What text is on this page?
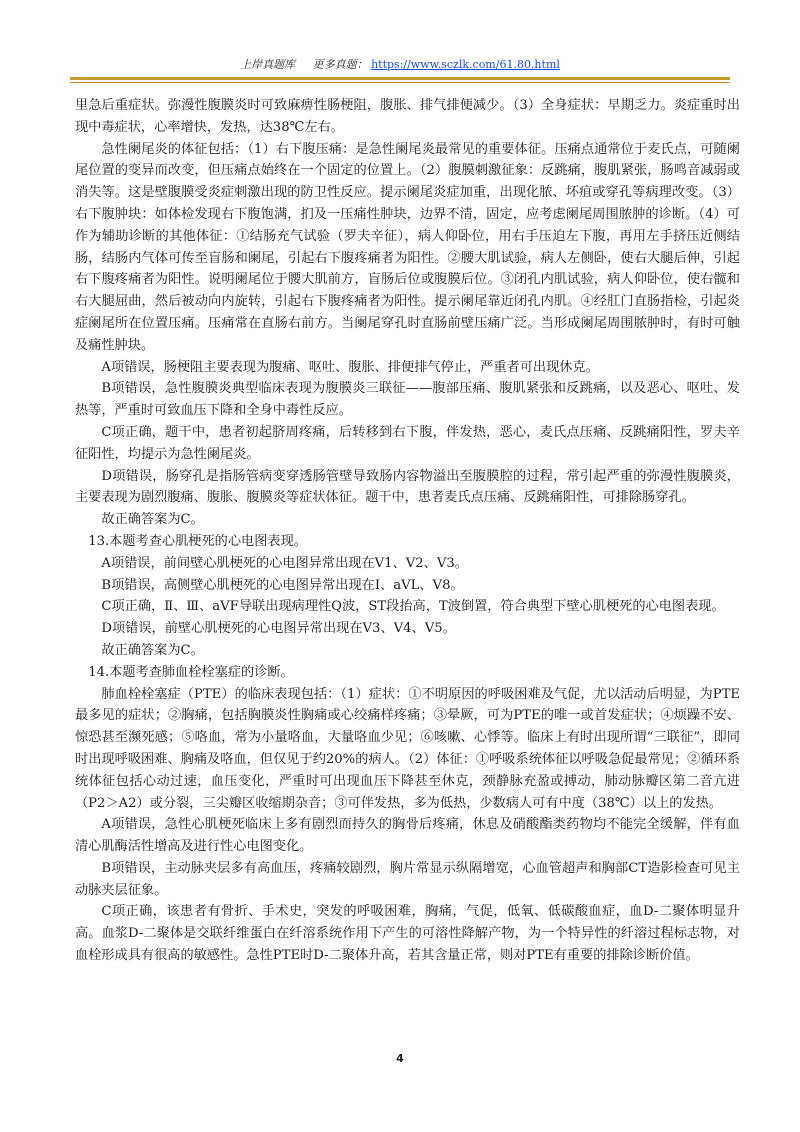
上岸真题库 更多真题： https://www.sczlk.com/61.80.html

里急后重症状。弥漫性腹膜炎时可致麻痹性肠梗阻，腹胀、排气排便减少。（3）全身症状：早期乏力。炎症重时出现中毒症状，心率增快，发热，达38℃左右。

急性阑尾炎的体征包括：（1）右下腹压痛：是急性阑尾炎最常见的重要体征。压痛点通常位于麦氏点，可随阑尾位置的变异而改变，但压痛点始终在一个固定的位置上。（2）腹膜刺激征象：反跳痛，腹肌紧张，肠鸣音减弱或消失等。这是壁腹膜受炎症刺激出现的防卫性反应。提示阑尾炎症加重，出现化脓、坏疽或穿孔等病理改变。（3）右下腹肿块：如体检发现右下腹饱满，扪及一压痛性肿块，边界不清，固定，应考虑阑尾周围脓肿的诊断。（4）可作为辅助诊断的其他体征：①结肠充气试验（罗夫辛征），病人仰卧位，用右手压迫左下腹，再用左手挤压近侧结肠，结肠内气体可传至盲肠和阑尾，引起右下腹疼痛者为阳性。②腰大肌试验，病人左侧卧，使右大腿后伸，引起右下腹疼痛者为阳性。说明阑尾位于腰大肌前方，盲肠后位或腹膜后位。③闭孔内肌试验，病人仰卧位，使右髋和右大腿屈曲，然后被动向内旋转，引起右下腹疼痛者为阳性。提示阑尾靠近闭孔内肌。④经肛门直肠指检，引起炎症阑尾所在位置压痛。压痛常在直肠右前方。当阑尾穿孔时直肠前壁压痛广泛。当形成阑尾周围脓肿时，有时可触及痛性肿块。

A项错误，肠梗阻主要表现为腹痛、呕吐、腹胀、排便排气停止，严重者可出现休克。

B项错误，急性腹膜炎典型临床表现为腹膜炎三联征——腹部压痛、腹肌紧张和反跳痛，以及恶心、呕吐、发热等，严重时可致血压下降和全身中毒性反应。

C项正确，题干中，患者初起脐周疼痛，后转移到右下腹，伴发热，恶心，麦氏点压痛、反跳痛阳性，罗夫辛征阳性，均提示为急性阑尾炎。

D项错误，肠穿孔是指肠管病变穿透肠管壁导致肠内容物溢出至腹膜腔的过程，常引起严重的弥漫性腹膜炎，主要表现为剧烈腹痛、腹胀、腹膜炎等症状体征。题干中，患者麦氏点压痛、反跳痛阳性，可排除肠穿孔。

故正确答案为C。

13.本题考查心肌梗死的心电图表现。

A项错误，前间壁心肌梗死的心电图异常出现在V1、V2、V3。

B项错误，高侧壁心肌梗死的心电图异常出现在Ⅰ、aVL、V8。

C项正确，Ⅱ、Ⅲ、aVF导联出现病理性Q波，ST段抬高，T波倒置，符合典型下壁心肌梗死的心电图表现。

D项错误，前壁心肌梗死的心电图异常出现在V3、V4、V5。

故正确答案为C。

14.本题考查肺血栓栓塞症的诊断。

肺血栓栓塞症（PTE）的临床表现包括：（1）症状：①不明原因的呼吸困难及气促，尤以活动后明显，为PTE最多见的症状；②胸痛，包括胸膜炎性胸痛或心绞痛样疼痛；③晕厥，可为PTE的唯一或首发症状；④烦躁不安、惊恐甚至濒死感；⑤咯血，常为小量咯血，大量咯血少见；⑥咳嗽、心悸等。临床上有时出现所谓“三联征”，即同时出现呼吸困难、胸痛及咯血，但仅见于约20%的病人。（2）体征：①呼吸系统体征以呼吸急促最常见；②循环系统体征包括心动过速，血压变化，严重时可出现血压下降甚至休克，颈静脉充盈或搏动，肺动脉瓣区第二音亢进（P2＞A2）或分裂，三尖瓣区收缩期杂音；③可伴发热，多为低热，少数病人可有中度（38℃）以上的发热。

A项错误，急性心肌梗死临床上多有剧烈而持久的胸骨后疼痛，休息及硝酸酯类药物均不能完全缓解，伴有血清心肌酶活性增高及进行性心电图变化。

B项错误，主动脉夹层多有高血压，疼痛较剧烈，胸片常显示纵隔增宽，心血管超声和胸部CT造影检查可见主动脉夹层征象。

C项正确，该患者有骨折、手术史，突发的呼吸困难，胸痛，气促，低氧、低碳酸血症，血D-二聚体明显升高。血浆D-二聚体是交联纤维蛋白在纤溶系统作用下产生的可溶性降解产物，为一个特异性的纤溶过程标志物，对血栓形成具有很高的敏感性。急性PTE时D-二聚体升高，若其含量正常，则对PTE有重要的排除诊断价值。

4
